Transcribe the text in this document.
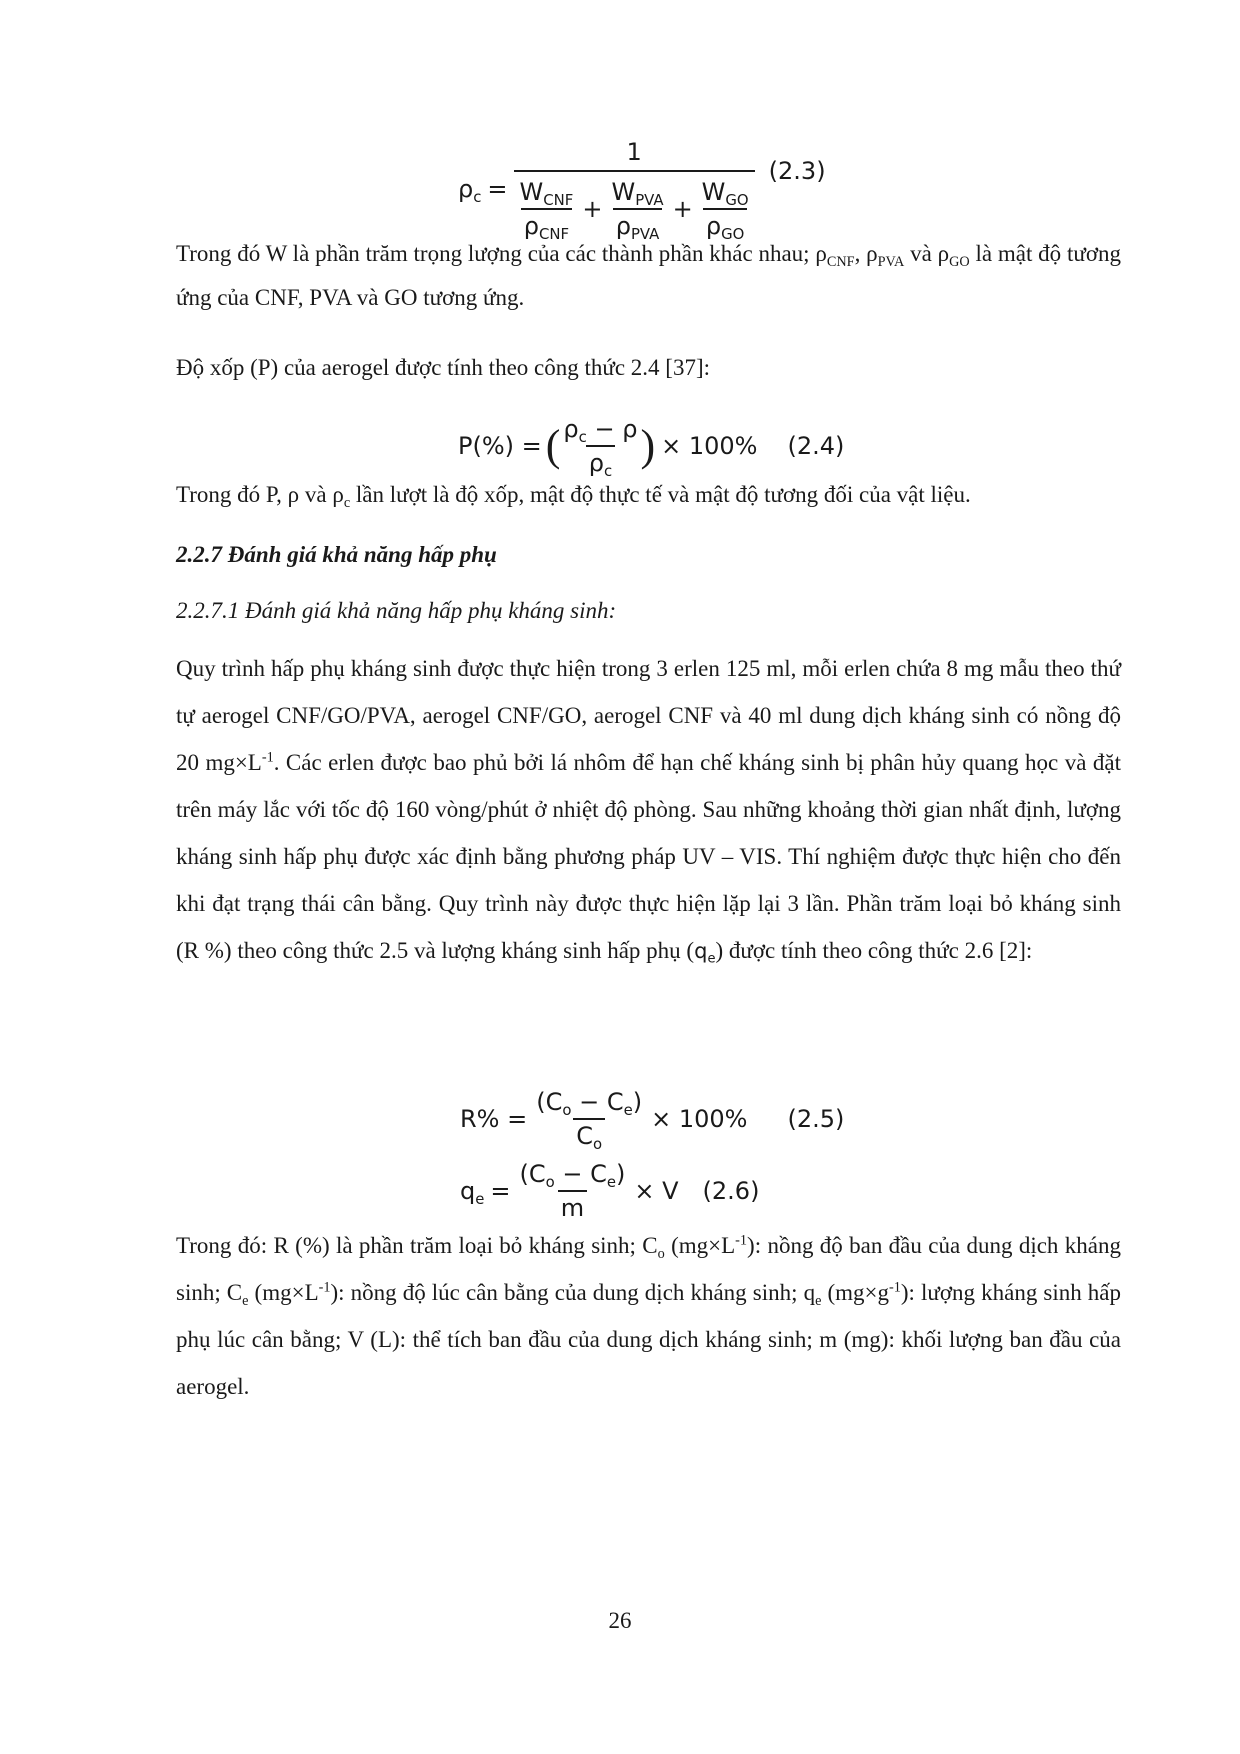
$\rho_c$ =
1
$\frac{W_{CNF}}{\rho_{CNF}} + \frac{W_{PVA}}{\rho_{PVA}} + \frac{W_{GO}}{\rho_{GO}}$
(2.3)

Trong đó W là phần trăm trọng lượng của các thành phần khác nhau; $\rho_{CNF}$, $\rho_{PVA}$ và $\rho_{GO}$ là mật độ tương ứng của CNF, PVA và GO tương ứng.

Độ xốp (P) của aerogel được tính theo công thức 2.4 [37]:
P(%) = ( $\frac{\rho_c - \rho}{\rho_c}$ ) × 100% (2.4)
Trong đó P, ρ và $\rho_c$ lần lượt là độ xốp, mật độ thực tế và mật độ tương đối của vật liệu.
2.2.7 Đánh giá khả năng hấp phụ
2.2.7.1 Đánh giá khả năng hấp phụ kháng sinh:

Quy trình hấp phụ kháng sinh được thực hiện trong 3 erlen 125 ml, mỗi erlen chứa 8 mg mẫu theo thứ tự aerogel CNF/GO/PVA, aerogel CNF/GO, aerogel CNF và 40 ml dung dịch kháng sinh có nồng độ 20 $mg\times L^{-1}$. Các erlen được bao phủ bởi lá nhôm để hạn chế kháng sinh bị phân hủy quang học và đặt trên máy lắc với tốc độ 160 vòng/phút ở nhiệt độ phòng. Sau những khoảng thời gian nhất định, lượng kháng sinh hấp phụ được xác định bằng phương pháp UV – VIS. Thí nghiệm được thực hiện cho đến khi đạt trạng thái cân bằng. Quy trình này được thực hiện lặp lại 3 lần. Phần trăm loại bỏ kháng sinh (R %) theo công thức 2.5 và lượng kháng sinh hấp phụ $(q_e)$ được tính theo công thức 2.6 [2]:

$R\% = \frac{(C_o - C_e)}{C_o} \times 100\%$ (2.5)
$q_e = \frac{(C_o - C_e)}{m} \times V$ (2.6)

Trong đó: R (%) là phần trăm loại bỏ kháng sinh; $C_o$ $(mg\times L^{-1})$: nồng độ ban đầu của dung dịch kháng sinh; $C_e$ $(mg\times L^{-1})$: nồng độ lúc cân bằng của dung dịch kháng sinh; $q_e$ $(mg\times g^{-1})$: lượng kháng sinh hấp phụ lúc cân bằng; V (L): thể tích ban đầu của dung dịch kháng sinh; m (mg): khối lượng ban đầu của aerogel.

26
